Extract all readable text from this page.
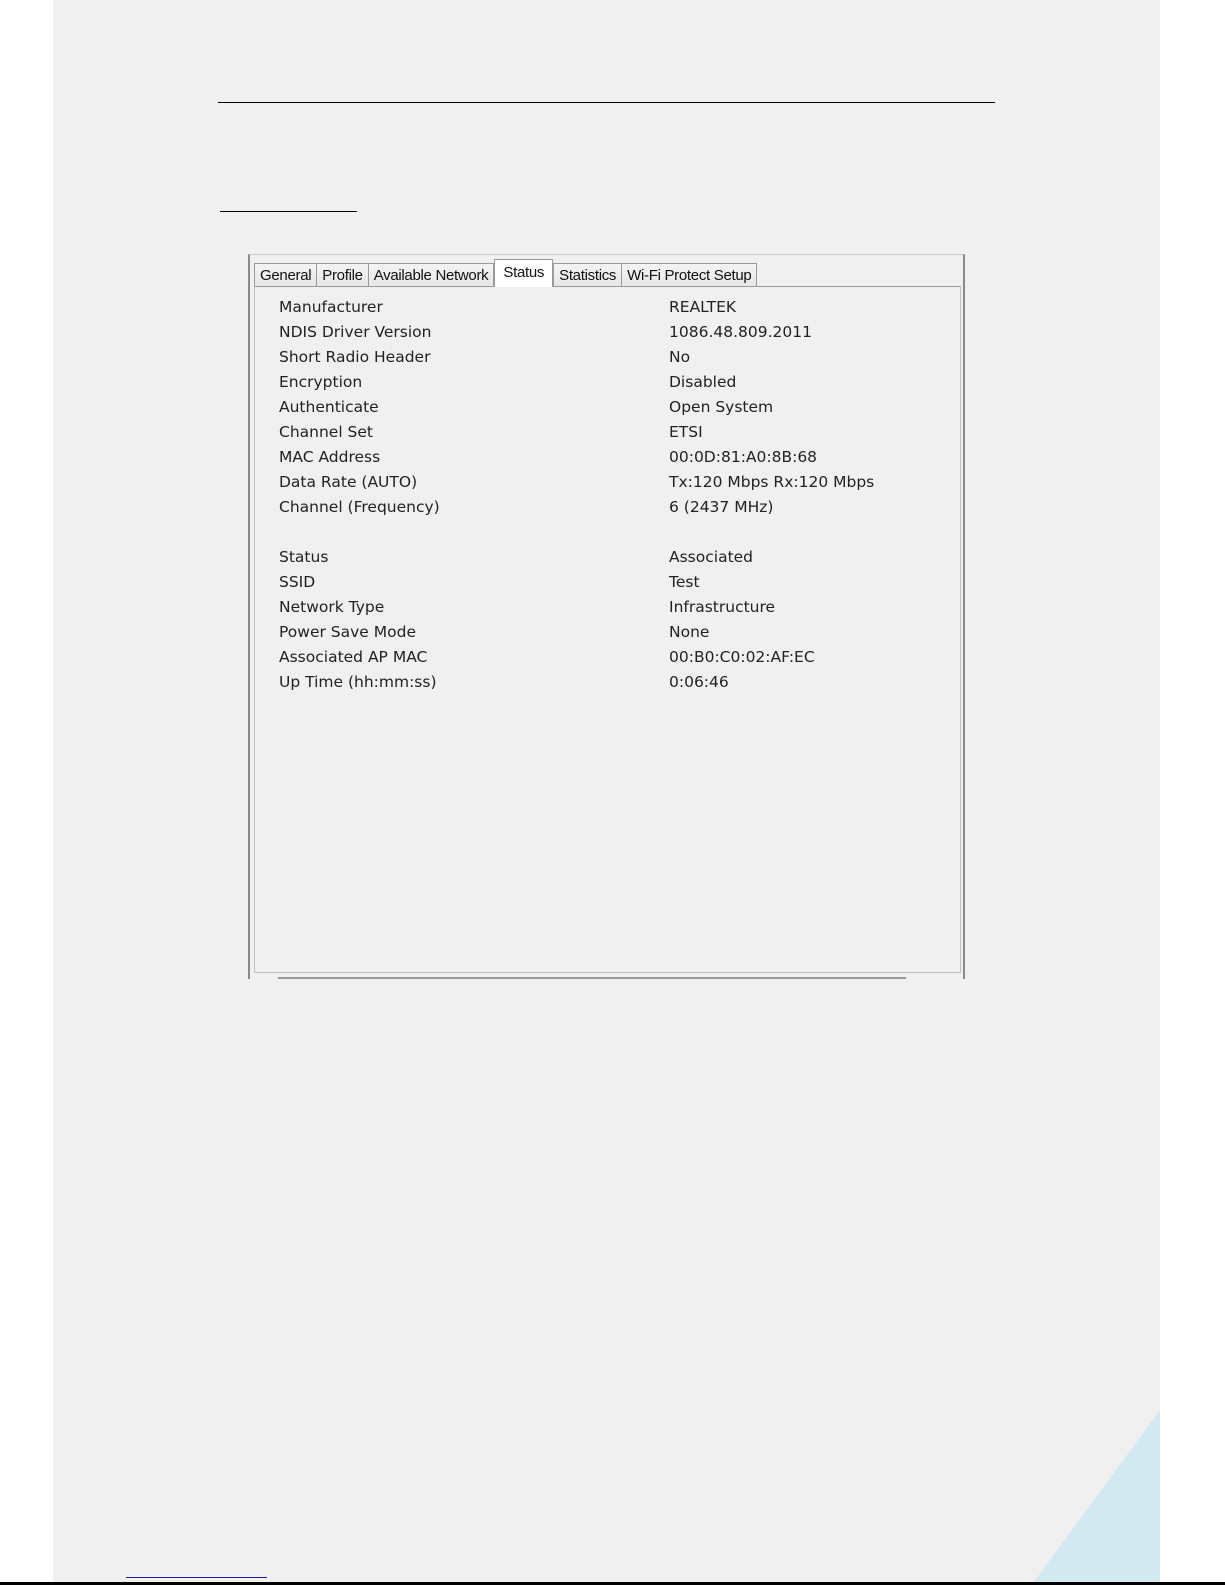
General Profile Available Network	Status	Statistics Wi-Fi Protect Setup
Manufacturer	REALTEK
NDIS Driver Version	1086.48.809.2011
Short Radio Header	No
Encryption	Disabled
Authenticate	Open System
Channel Set	ETSI
MAC Address	00:0D:81:A0:8B:68
Data Rate (AUTO)	Tx:120 Mbps Rx:120 Mbps
Channel (Frequency)	6 (2437 MHz)
Status	Associated
SSID	Test
Network Type	Infrastructure
Power Save Mode	None
Associated AP MAC	00:B0:C0:02:AF:EC
Up Time (hh:mm:ss)	0:06:46
